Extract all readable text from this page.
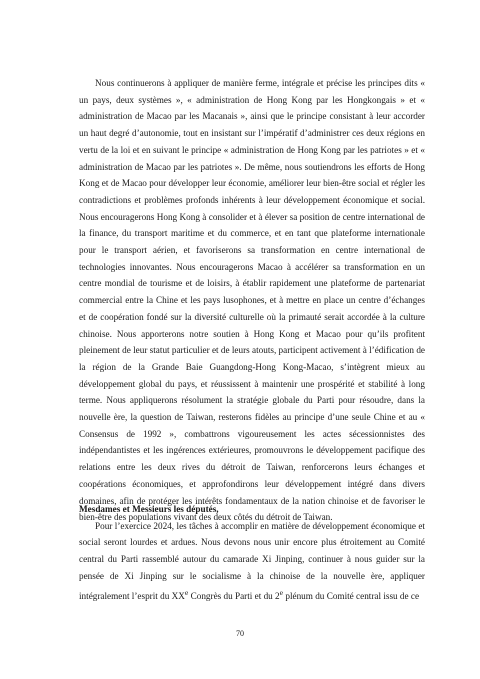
Nous continuerons à appliquer de manière ferme, intégrale et précise les principes dits « un pays, deux systèmes », « administration de Hong Kong par les Hongkongais » et « administration de Macao par les Macanais », ainsi que le principe consistant à leur accorder un haut degré d’autonomie, tout en insistant sur l’impératif d’administrer ces deux régions en vertu de la loi et en suivant le principe « administration de Hong Kong par les patriotes » et « administration de Macao par les patriotes ». De même, nous soutiendrons les efforts de Hong Kong et de Macao pour développer leur économie, améliorer leur bien-être social et régler les contradictions et problèmes profonds inhérents à leur développement économique et social. Nous encouragerons Hong Kong à consolider et à élever sa position de centre international de la finance, du transport maritime et du commerce, et en tant que plateforme internationale pour le transport aérien, et favoriserons sa transformation en centre international de technologies innovantes. Nous encouragerons Macao à accélérer sa transformation en un centre mondial de tourisme et de loisirs, à établir rapidement une plateforme de partenariat commercial entre la Chine et les pays lusophones, et à mettre en place un centre d’échanges et de coopération fondé sur la diversité culturelle où la primauté serait accordée à la culture chinoise. Nous apporterons notre soutien à Hong Kong et Macao pour qu’ils profitent pleinement de leur statut particulier et de leurs atouts, participent activement à l’édification de la région de la Grande Baie Guangdong-Hong Kong-Macao, s’intègrent mieux au développement global du pays, et réussissent à maintenir une prospérité et stabilité à long terme. Nous appliquerons résolument la stratégie globale du Parti pour résoudre, dans la nouvelle ère, la question de Taiwan, resterons fidèles au principe d’une seule Chine et au « Consensus de 1992 », combattrons vigoureusement les actes sécessionnistes des indépendantistes et les ingérences extérieures, promouvrons le développement pacifique des relations entre les deux rives du détroit de Taiwan, renforcerons leurs échanges et coopérations économiques, et approfondirons leur développement intégré dans divers domaines, afin de protéger les intérêts fondamentaux de la nation chinoise et de favoriser le bien-être des populations vivant des deux côtés du détroit de Taiwan.

Mesdames et Messieurs les députés,

Pour l’exercice 2024, les tâches à accomplir en matière de développement économique et social seront lourdes et ardues. Nous devons nous unir encore plus étroitement au Comité central du Parti rassemblé autour du camarade Xi Jinping, continuer à nous guider sur la pensée de Xi Jinping sur le socialisme à la chinoise de la nouvelle ère, appliquer intégralement l’esprit du XXe Congrès du Parti et du 2e plénum du Comité central issu de ce

70
